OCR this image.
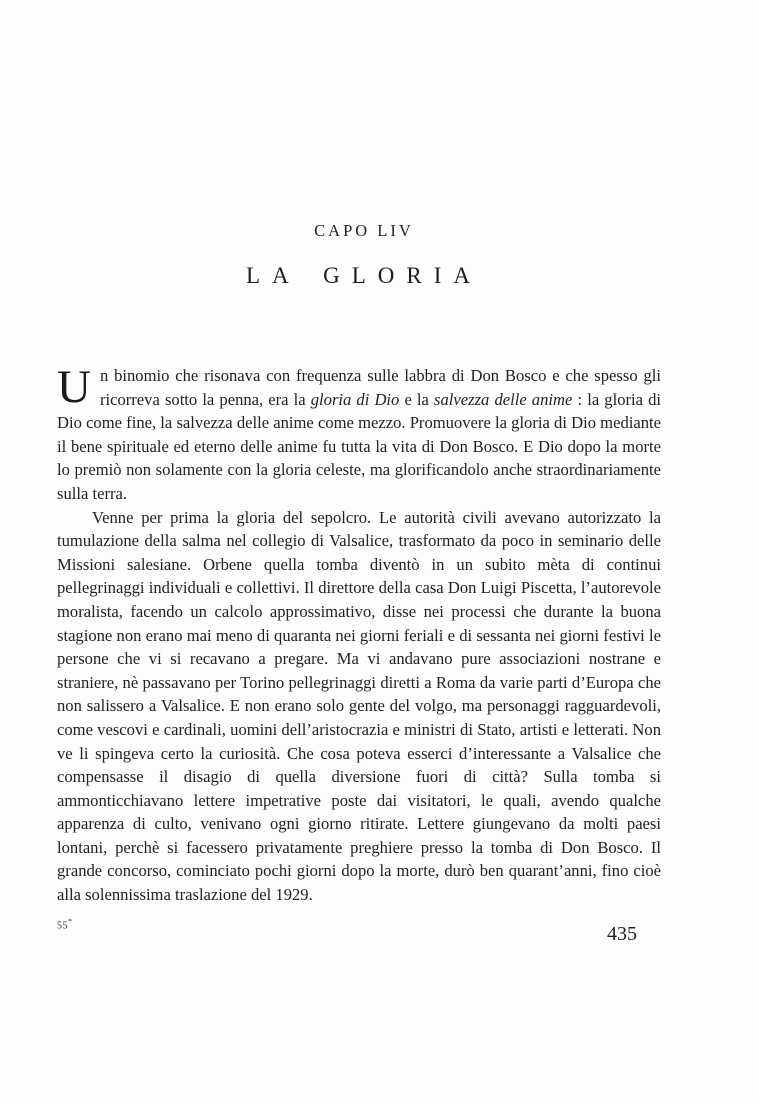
CAPO LIV
LA GLORIA

Un binomio che risonava con frequenza sulle labbra di Don Bosco e che spesso gli ricorreva sotto la penna, era la gloria di Dio e la salvezza delle anime : la gloria di Dio come fine, la salvezza delle anime come mezzo. Promuovere la gloria di Dio mediante il bene spirituale ed eterno delle anime fu tutta la vita di Don Bosco. E Dio dopo la morte lo premiò non solamente con la gloria celeste, ma glorificandolo anche straordinariamente sulla terra.

Venne per prima la gloria del sepolcro. Le autorità civili avevano autorizzato la tumulazione della salma nel collegio di Valsalice, trasformato da poco in seminario delle Missioni salesiane. Orbene quella tomba diventò in un subito mèta di continui pellegrinaggi individuali e collettivi. Il direttore della casa Don Luigi Piscetta, l’autorevole moralista, facendo un calcolo approssimativo, disse nei processi che durante la buona stagione non erano mai meno di quaranta nei giorni feriali e di sessanta nei giorni festivi le persone che vi si recavano a pregare. Ma vi andavano pure associazioni nostrane e straniere, nè passavano per Torino pellegrinaggi diretti a Roma da varie parti d’Europa che non salissero a Valsalice. E non erano solo gente del volgo, ma personaggi ragguardevoli, come vescovi e cardinali, uomini dell’aristocrazia e ministri di Stato, artisti e letterati. Non ve li spingeva certo la curiosità. Che cosa poteva esserci d’interessante a Valsalice che compensasse il disagio di quella diversione fuori di città? Sulla tomba si ammonticchiavano lettere impetrative poste dai visitatori, le quali, avendo qualche apparenza di culto, venivano ogni giorno ritirate. Lettere giungevano da molti paesi lontani, perchè si facessero privatamente preghiere presso la tomba di Don Bosco. Il grande concorso, cominciato pochi giorni dopo la morte, durò ben quarant’anni, fino cioè alla solennissima traslazione del 1929.

55*
435
